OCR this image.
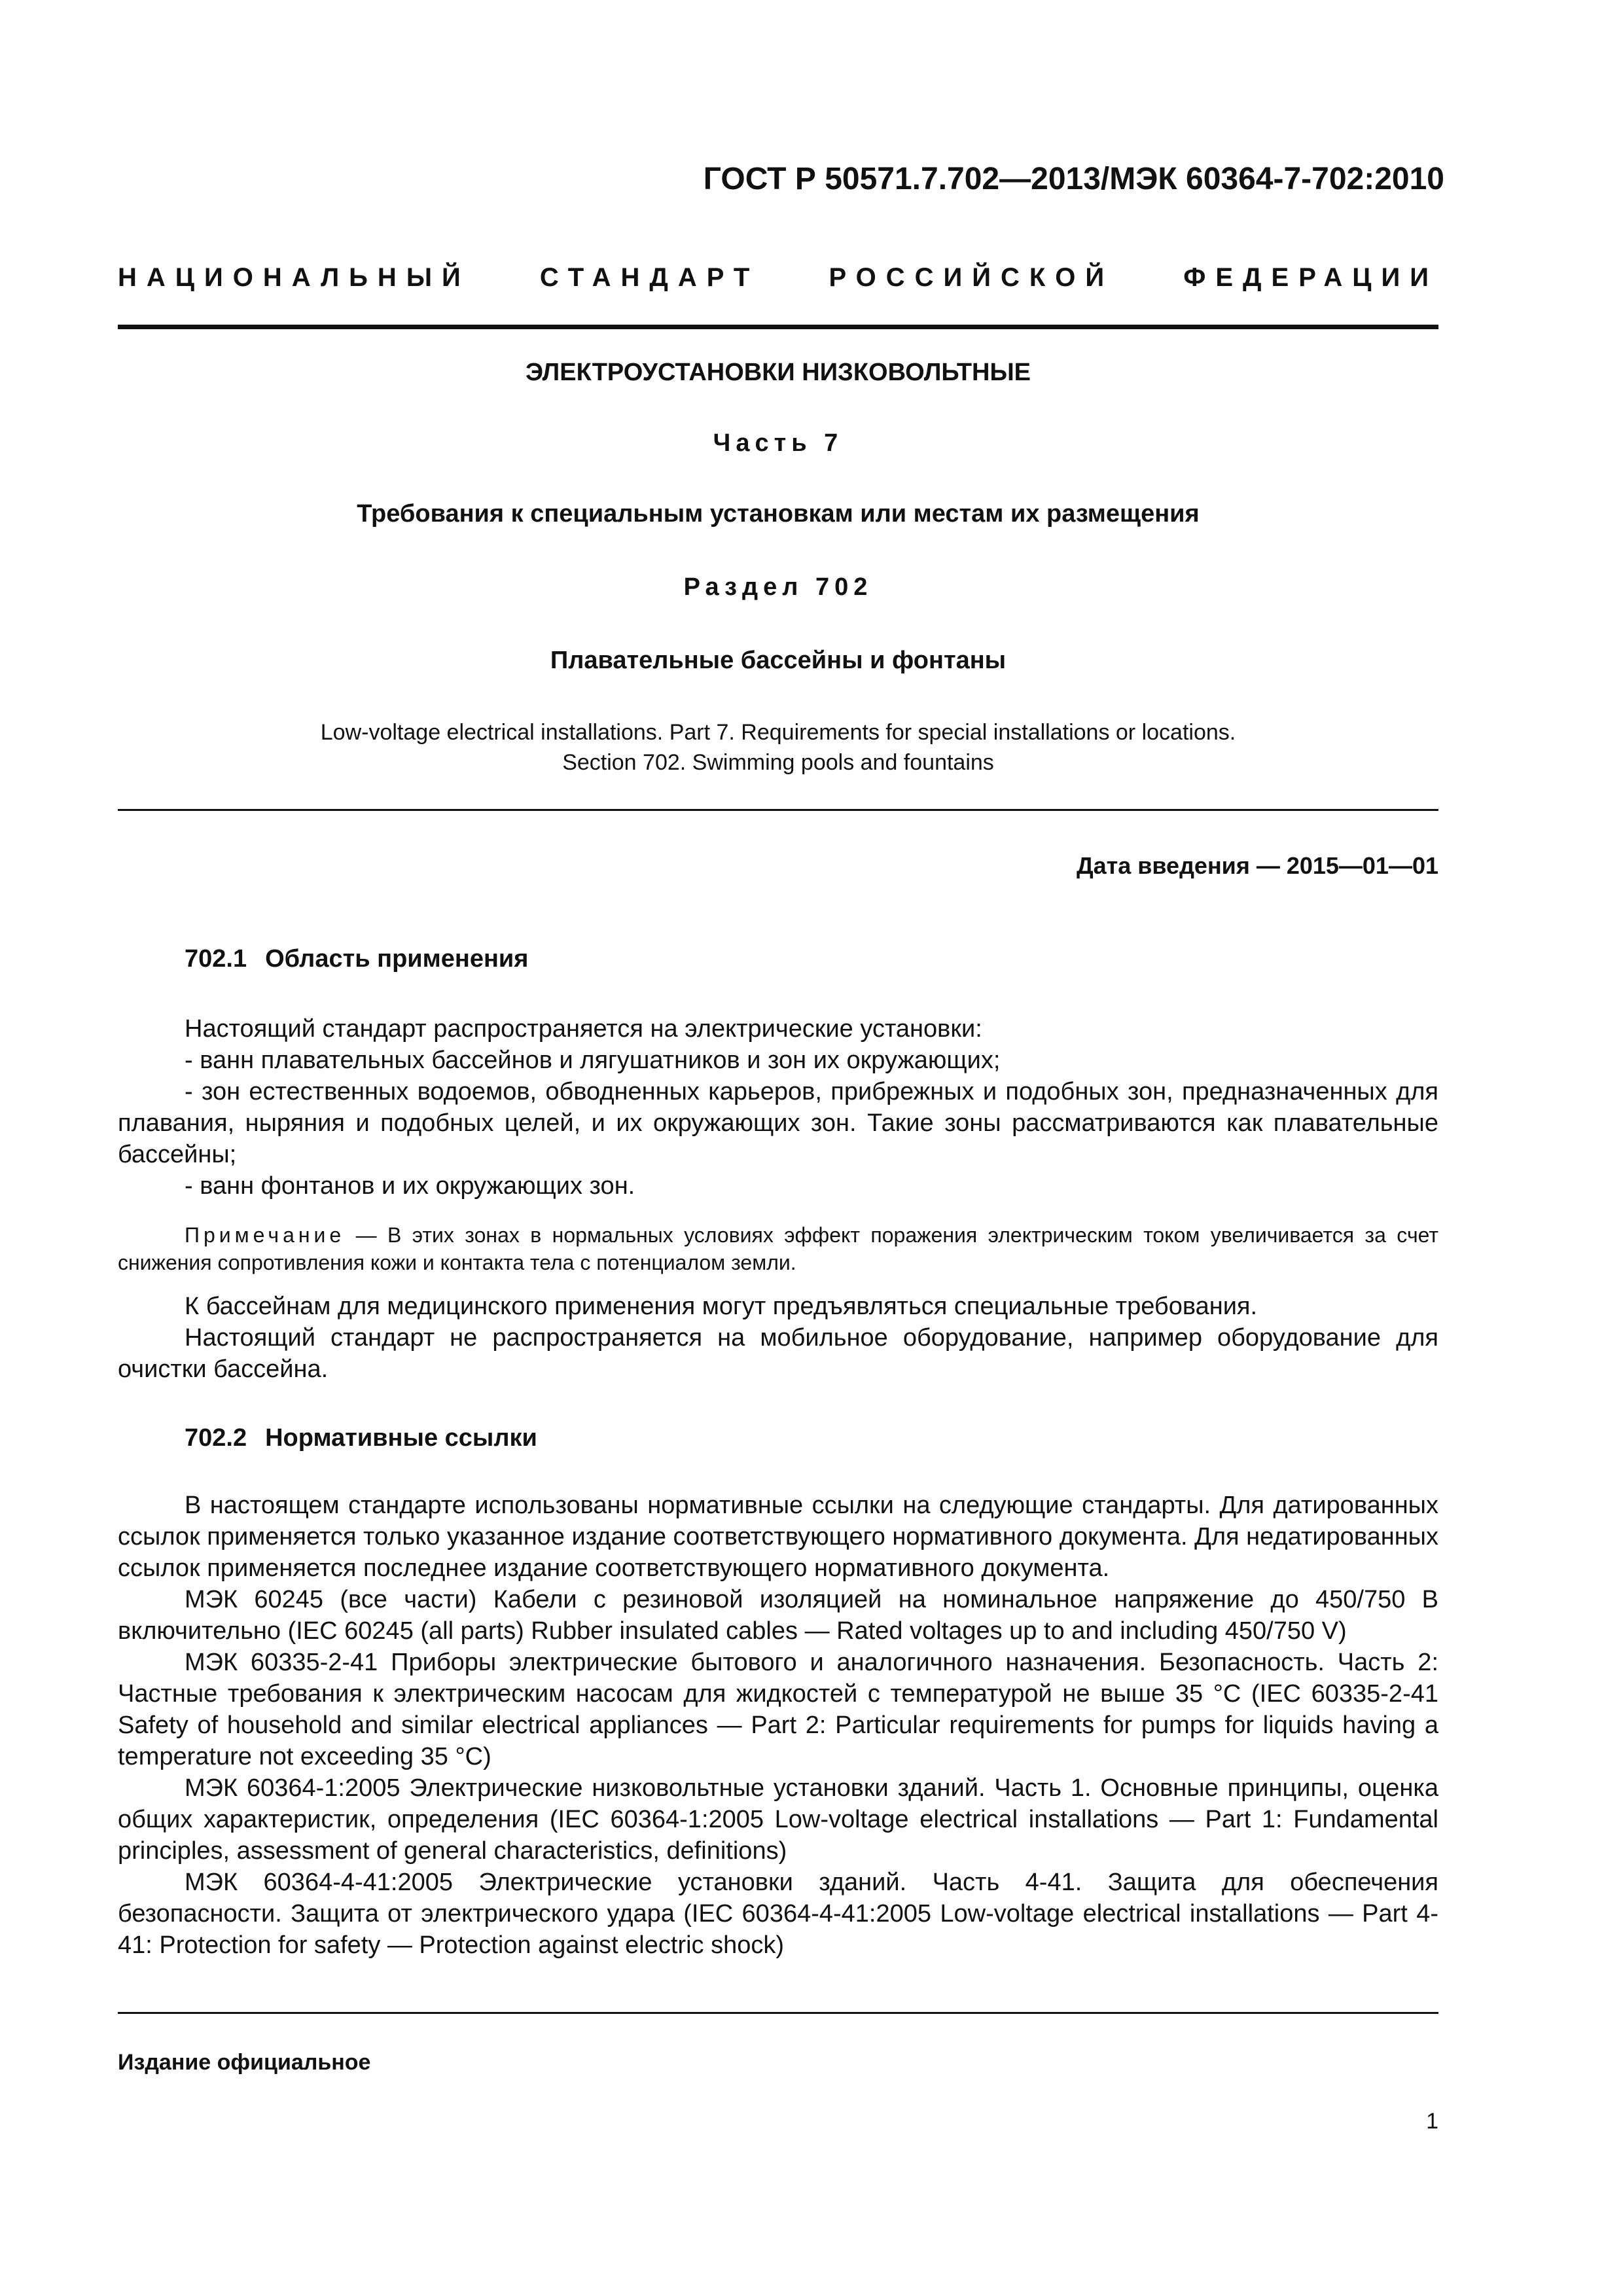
ГОСТ Р 50571.7.702—2013/МЭК 60364-7-702:2010
НАЦИОНАЛЬНЫЙ	СТАНДАРТ	РОССИЙСКОЙ	ФЕДЕРАЦИИ
ЭЛЕКТРОУСТАНОВКИ НИЗКОВОЛЬТНЫЕ
Часть 7
Требования к специальным установкам или местам их размещения
Раздел 702
Плавательные бассейны и фонтаны
Low-voltage electrical installations. Part 7. Requirements for special installations or locations.
Section 702. Swimming pools and fountains
Дата введения — 2015—01—01
702.1 Область применения

Настоящий стандарт распространяется на электрические установки:

- ванн плавательных бассейнов и лягушатников и зон их окружающих;

- зон естественных водоемов, обводненных карьеров, прибрежных и подобных зон, предназначенных для плавания, ныряния и подобных целей, и их окружающих зон. Такие зоны рассматриваются как плавательные бассейны;

- ванн фонтанов и их окружающих зон.

Примечание — В этих зонах в нормальных условиях эффект поражения электрическим током увеличивается за счет снижения сопротивления кожи и контакта тела с потенциалом земли.

К бассейнам для медицинского применения могут предъявляться специальные требования.

Настоящий стандарт не распространяется на мобильное оборудование, например оборудование для очистки бассейна.

702.2 Нормативные ссылки

В настоящем стандарте использованы нормативные ссылки на следующие стандарты. Для датированных ссылок применяется только указанное издание соответствующего нормативного документа. Для недатированных ссылок применяется последнее издание соответствующего нормативного документа.

МЭК 60245 (все части) Кабели с резиновой изоляцией на номинальное напряжение до 450/750 В включительно (IEC 60245 (all parts) Rubber insulated cables — Rated voltages up to and including 450/750 V)

МЭК 60335-2-41 Приборы электрические бытового и аналогичного назначения. Безопасность. Часть 2: Частные требования к электрическим насосам для жидкостей с температурой не выше 35 °С (IEC 60335-2-41 Safety of household and similar electrical appliances — Part 2: Particular requirements for pumps for liquids having a temperature not exceeding 35 °C)

МЭК 60364-1:2005 Электрические низковольтные установки зданий. Часть 1. Основные принципы, оценка общих характеристик, определения (IEC 60364-1:2005 Low-voltage electrical installations — Part 1: Fundamental principles, assessment of general characteristics, definitions)

МЭК 60364-4-41:2005 Электрические установки зданий. Часть 4-41. Защита для обеспечения безопасности. Защита от электрического удара (IEC 60364-4-41:2005 Low-voltage electrical installations — Part 4-41: Protection for safety — Protection against electric shock)

Издание официальное
1
